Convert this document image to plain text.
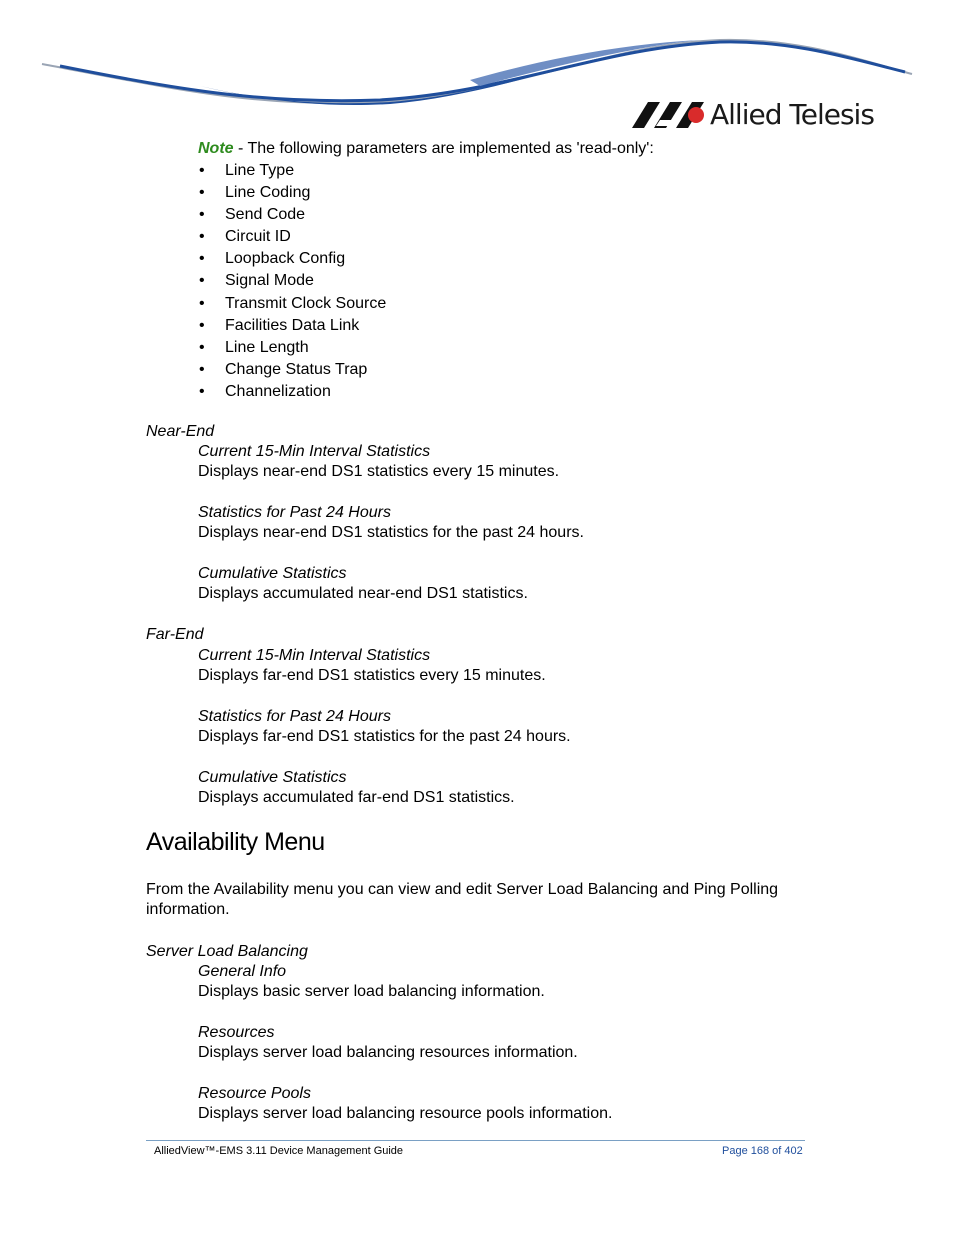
Allied Telesis
Note - The following parameters are implemented as 'read-only':
• Line Type
• Line Coding
• Send Code
• Circuit ID
• Loopback Config
• Signal Mode
• Transmit Clock Source
• Facilities Data Link
• Line Length
• Change Status Trap
• Channelization
Near-End
Current 15-Min Interval Statistics
Displays near-end DS1 statistics every 15 minutes.
Statistics for Past 24 Hours
Displays near-end DS1 statistics for the past 24 hours.
Cumulative Statistics
Displays accumulated near-end DS1 statistics.
Far-End
Current 15-Min Interval Statistics
Displays far-end DS1 statistics every 15 minutes.
Statistics for Past 24 Hours
Displays far-end DS1 statistics for the past 24 hours.
Cumulative Statistics
Displays accumulated far-end DS1 statistics.
Availability Menu
From the Availability menu you can view and edit Server Load Balancing and Ping Polling information.
Server Load Balancing
General Info
Displays basic server load balancing information.
Resources
Displays server load balancing resources information.
Resource Pools
Displays server load balancing resource pools information.
AlliedView™-EMS 3.11 Device Management Guide	Page 168 of 402
